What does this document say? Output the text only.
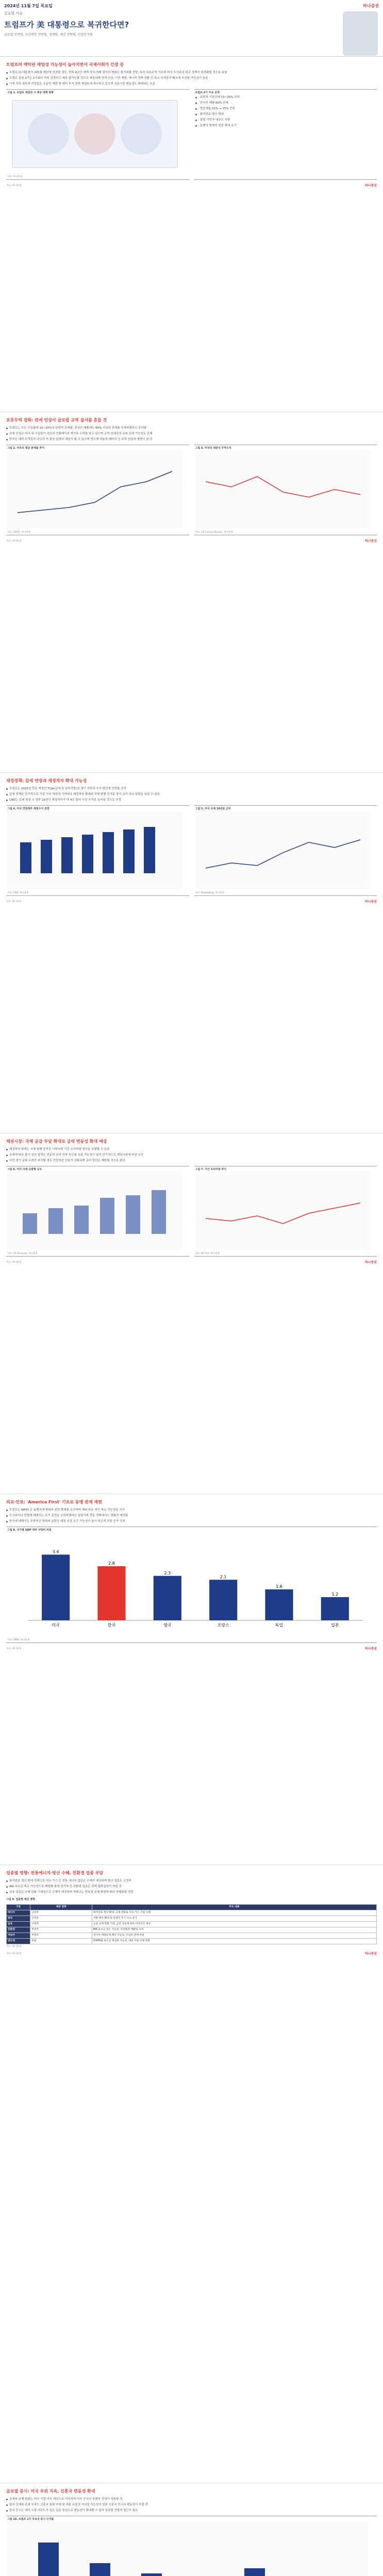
2024년 11월 7일 목요일	하나증권
글로벌 이슈
트럼프가 美 대통령으로 복귀한다면?
글로벌 전략팀, 자산배분 전략팀, 경제팀, 채권 전략팀, 산업분석팀
트럼프의 백악관 재입성 가능성이 높아지면서 국제사회가 긴장 중
트럼프 前 대통령이 대통령 재선에 성공할 경우, 향후 4년간 세계 정치·경제 질서의 변화는 불가피할 전망. 특히 보호무역 기조와 미국 우선주의 외교 정책이 본격화될 것으로 보임
트럼프 집권 2기는 1기보다 더욱 강경하고 예측 불가능할 것으로 예상되며 관세 인상, 이민 제한, 에너지 정책 전환 등 주요 공약들이 빠르게 추진될 가능성이 높음
이에 각국 정부와 기업들은 공급망 재편 및 대미 투자 전략 재검토에 착수하고 있으며 금융시장 변동성도 확대되는 모습
그림 1. 트럼프 재집권 시 예상 정책 방향
자료: 하나증권
트럼프 2기 주요 공약
· 보편적 기본관세 10~20% 부과
· 중국산 제품 60% 관세
· 법인세율 21% → 15% 인하
· 화석연료 생산 확대
· 불법 이민자 대규모 추방
· 동맹국 방위비 분담 확대 요구
자료: 하나증권	하나증권
보호무역 강화: 관세 인상이 글로벌 교역 질서를 흔들 것
트럼프는 모든 수입품에 10~20%의 보편적 관세를, 중국산 제품에는 60% 이상의 관세를 부과하겠다고 공약함
관세 인상은 미국 내 수입물가 상승과 인플레이션 재가속 우려를 낳고 있으며 교역 상대국의 보복 관세 가능성도 존재
한국은 대미 무역흑자 규모가 커 통상 압력의 대상이 될 수 있으며 반도체·자동차·배터리 등 주력 산업의 영향이 클 것
그림 2. 미국의 평균 관세율 추이
자료: USITC, 하나증권
그림 3. 미국의 대중국 무역수지
자료: US Census Bureau, 하나증권
자료: 하나증권	하나증권
재정정책: 감세 연장과 재정적자 확대 가능성
트럼프는 2025년 만료 예정인 TCJA(감세 및 일자리법)의 영구 연장과 추가 법인세 인하를 공약
감세 정책은 단기적으로 기업 이익 개선에 기여하나 재정적자 확대와 국채 발행 증가로 장기 금리 상승 압력을 높일 수 있음
CBO는 감세 연장 시 향후 10년간 재정적자가 약 4조 달러 이상 추가로 늘어날 것으로 추정
그림 4. 미국 연방정부 재정수지 전망
자료: CBO, 하나증권
그림 5. 미국 국채 10년물 금리
자료: Bloomberg, 하나증권
자료: 하나증권	하나증권
채권시장: 국채 공급 부담 확대로 금리 변동성 확대 예상
재정적자 확대는 국채 발행 증가로 이어지며 기간 프리미엄 상승을 유발할 수 있음
관세에 따른 물가 상승 압력은 연준의 금리 인하 속도를 늦출 가능성이 있어 단기적으로 채권시장에 부담 요인
다만 경기 둔화 우려가 부각될 경우 안전자산 선호가 강화되며 금리 상단은 제한될 것으로 판단
그림 6. 미국 국채 순발행 규모
자료: US Treasury, 하나증권
그림 7. 기간 프리미엄 추이
자료: NY Fed, 하나증권
자료: 하나증권	하나증권
외교·안보: 'America First' 기조로 동맹 관계 재편
트럼프는 NATO 등 동맹국에 방위비 분담 확대를 요구하며 해외 주둔 미군 축소 가능성을 시사
우크라이나 전쟁에 대해서는 조기 종전을 추진하겠다는 입장이며 중동 정책에서도 변화가 예상됨
한국에 대해서는 주한미군 방위비 분담금 대폭 인상 요구 가능성이 높아 외교적 부담 증가 우려
그림 8. 국가별 GDP 대비 국방비 비중
미국
3.4
한국
2.8
영국
2.3
프랑스
2.1
독일
1.6
일본
1.2
자료: SIPRI, 하나증권
자료: 하나증권	하나증권
업종별 영향: 전통에너지·방산 수혜, 친환경 업종 부담
화석연료 생산 확대 정책으로 석유·가스 등 전통 에너지 업종은 수혜가 예상되며 방산 업종도 긍정적
IRA 보조금 축소 가능성으로 태양광·풍력·전기차 등 친환경 업종은 정책 불확실성이 커질 것
금융 업종은 규제 완화 기대감으로 수혜가 예상되며 빅테크는 반독점 규제 방향에 따라 차별화될 전망
그림 9. 업종별 예상 영향
구분	예상 영향	주요 내용
에너지	긍정적	화석연료 생산 확대, 규제 완화로 석유·가스 기업 수혜
방산	긍정적	국방 예산 확대 및 동맹국 무기 수요 증가
금융	긍정적	금융 규제 완화 기대, 금리 상승에 따른 이자수익 개선
친환경	부정적	IRA 보조금 축소 가능성, 파리협정 재탈퇴 우려
자동차	부정적	전기차 세액공제 폐지 가능성, 수입차 관세 부과
반도체	중립	CHIPS법 보조금 재검토 가능성, 대중 수출 규제 강화
자료: 하나증권
자료: 하나증권	하나증권
글로벌 증시: 미국 우위 지속, 신흥국 변동성 확대
감세와 규제 완화는 미국 기업 이익 개선으로 이어지며 미국 증시의 상대적 강세가 지속될 것
달러 강세와 관세 부과는 신흥국 통화 약세 및 자본 유출로 이어질 가능성이 있어 신흥국 증시의 변동성이 커질 것
한국 증시는 대미 수출 의존도가 높은 업종 중심으로 변동성이 확대될 수 있어 업종별 선별적 접근이 필요
그림 10. 트럼프 1기 주요국 증시 수익률
